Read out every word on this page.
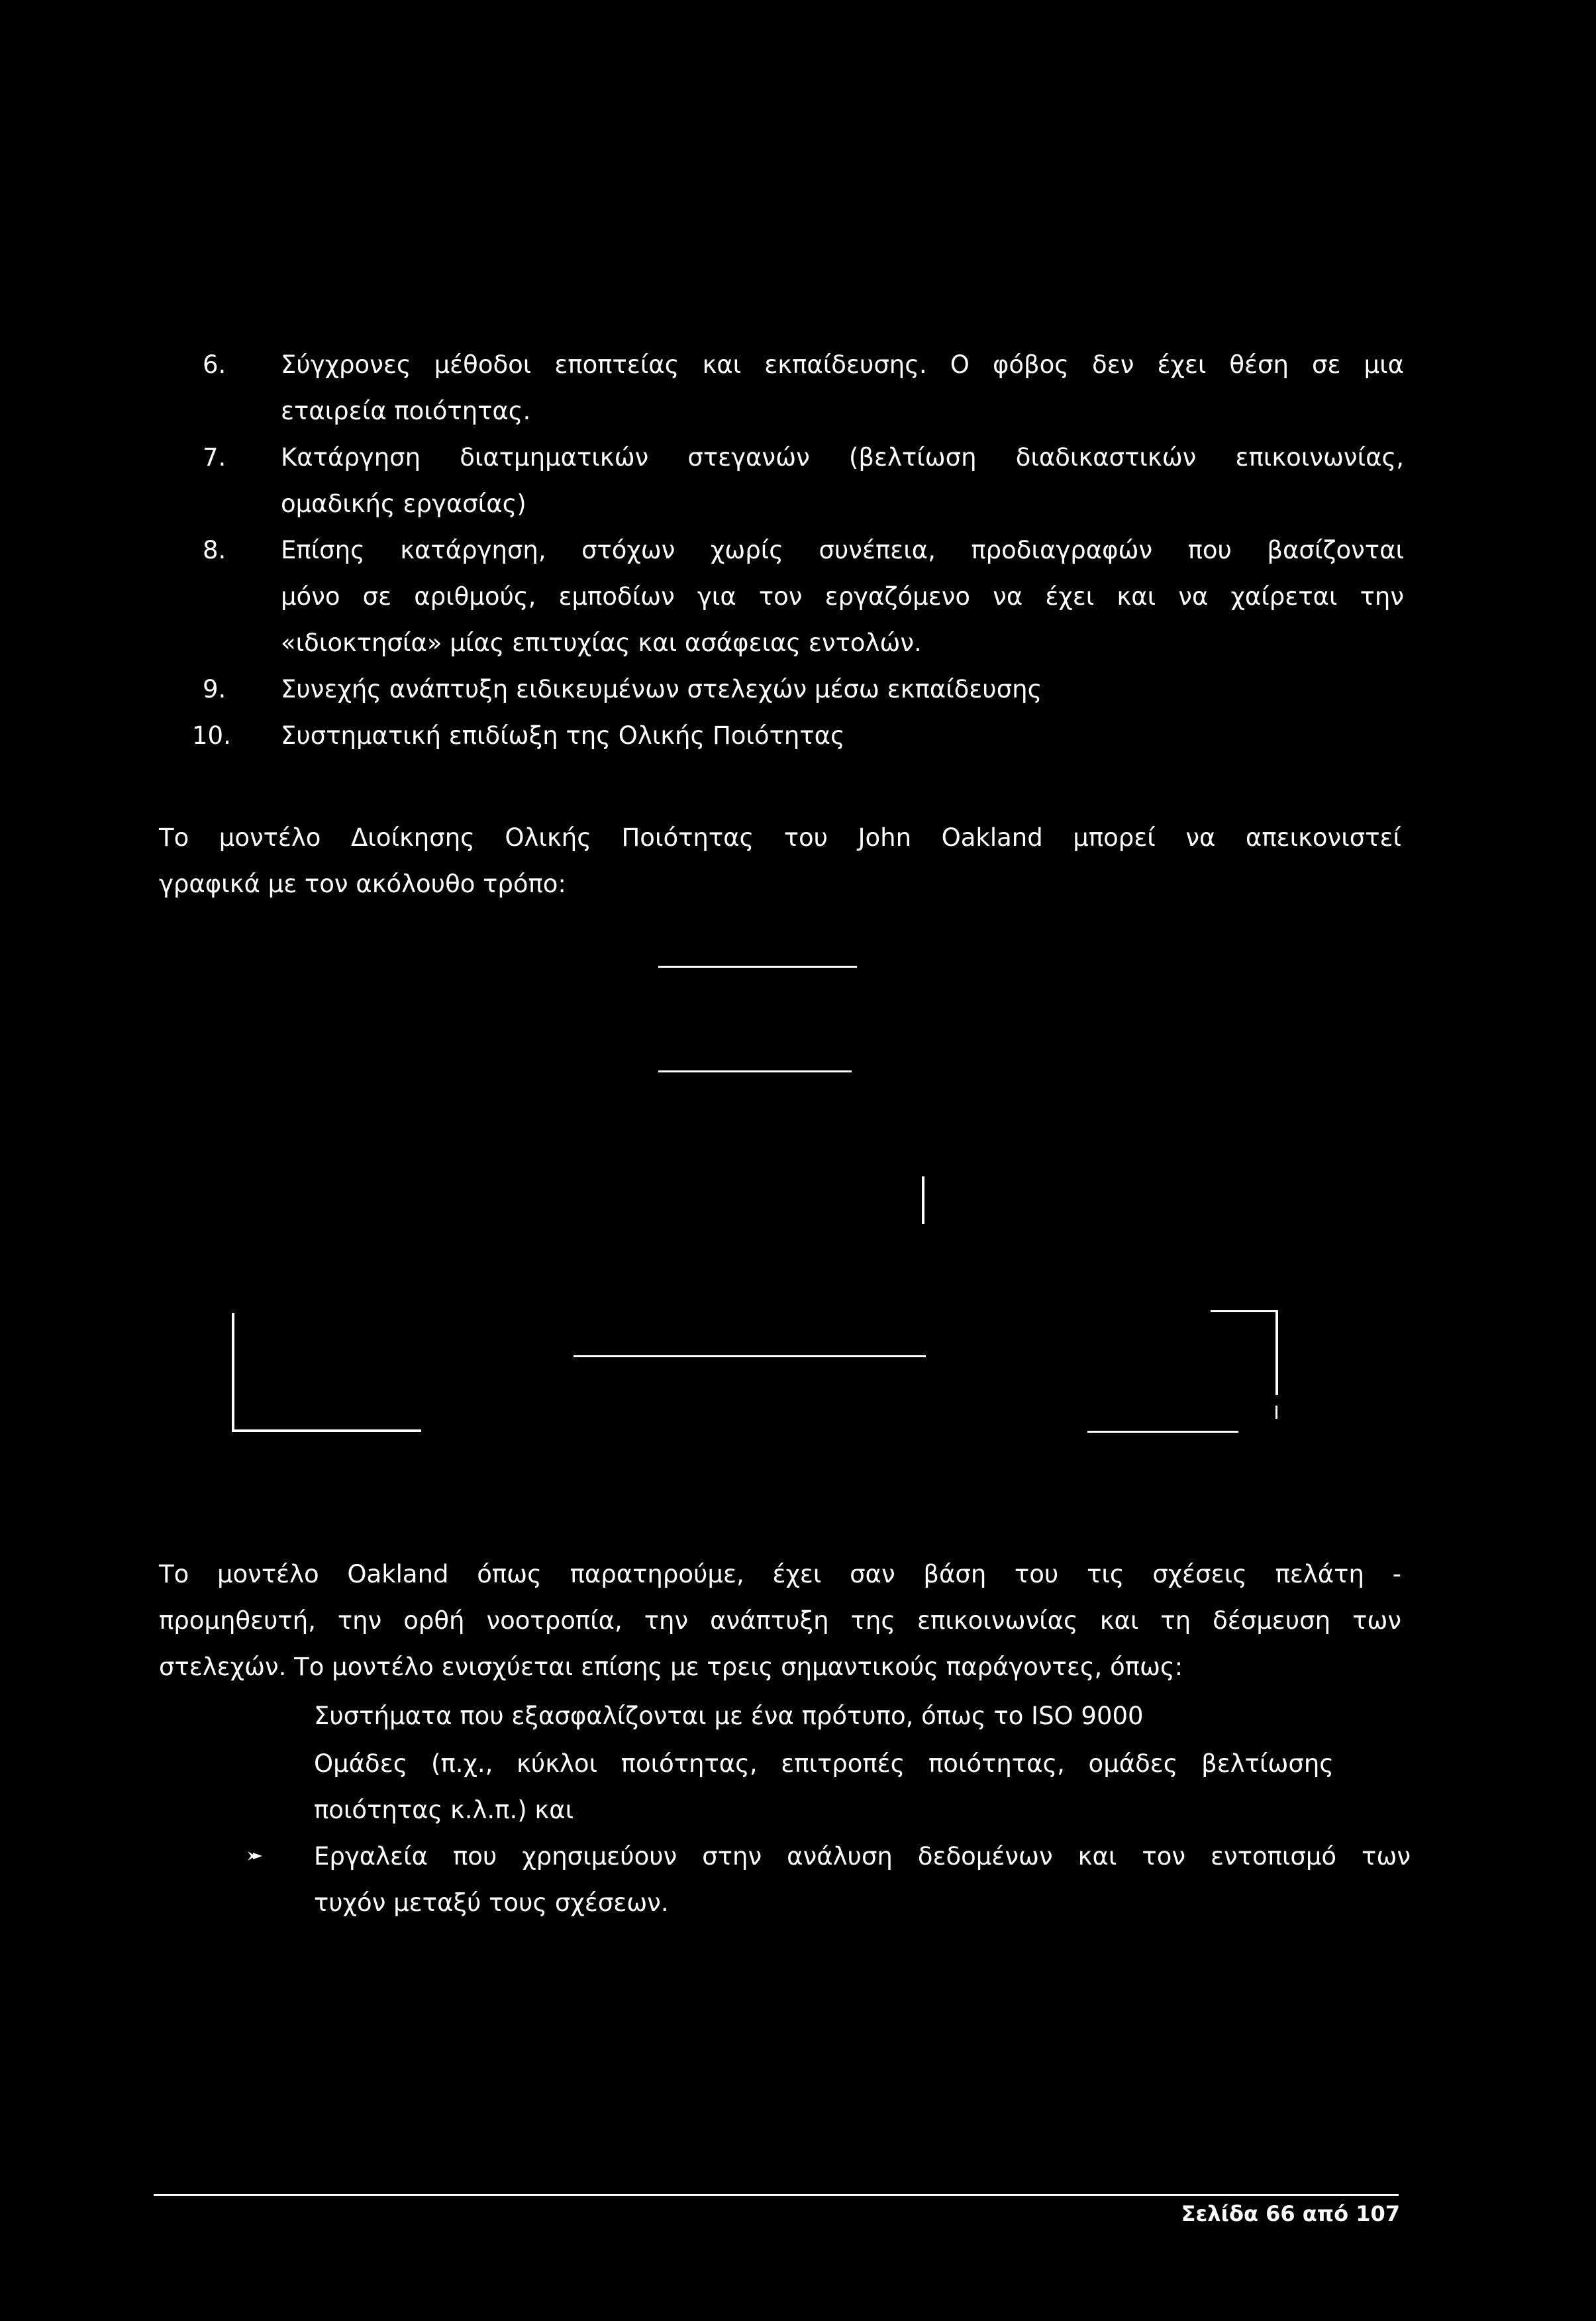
6. Σύγχρονες μέθοδοι εποπτείας και εκπαίδευσης. Ο φόβος δεν έχει θέση σε μια
εταιρεία ποιότητας.
7. Κατάργηση διατμηματικών στεγανών (βελτίωση διαδικαστικών επικοινωνίας,
ομαδικής εργασίας)
8. Επίσης κατάργηση, στόχων χωρίς συνέπεια, προδιαγραφών που βασίζονται
μόνο σε αριθμούς, εμποδίων για τον εργαζόμενο να έχει και να χαίρεται την
«ιδιοκτησία» μίας επιτυχίας και ασάφειας εντολών.
9. Συνεχής ανάπτυξη ειδικευμένων στελεχών μέσω εκπαίδευσης
10. Συστηματική επιδίωξη της Ολικής Ποιότητας
Το μοντέλο Διοίκησης Ολικής Ποιότητας του John Oakland μπορεί να απεικονιστεί
γραφικά με τον ακόλουθο τρόπο:
Το μοντέλο Oakland όπως παρατηρούμε, έχει σαν βάση του τις σχέσεις πελάτη -
προμηθευτή, την ορθή νοοτροπία, την ανάπτυξη της επικοινωνίας και τη δέσμευση των
στελεχών. Το μοντέλο ενισχύεται επίσης με τρεις σημαντικούς παράγοντες, όπως:
Συστήματα που εξασφαλίζονται με ένα πρότυπο, όπως το ISO 9000
Ομάδες (π.χ., κύκλοι ποιότητας, επιτροπές ποιότητας, ομάδες βελτίωσης
ποιότητας κ.λ.π.) και
Εργαλεία που χρησιμεύουν στην ανάλυση δεδομένων και τον εντοπισμό των
τυχόν μεταξύ τους σχέσεων.
Σελίδα 66 από 107
